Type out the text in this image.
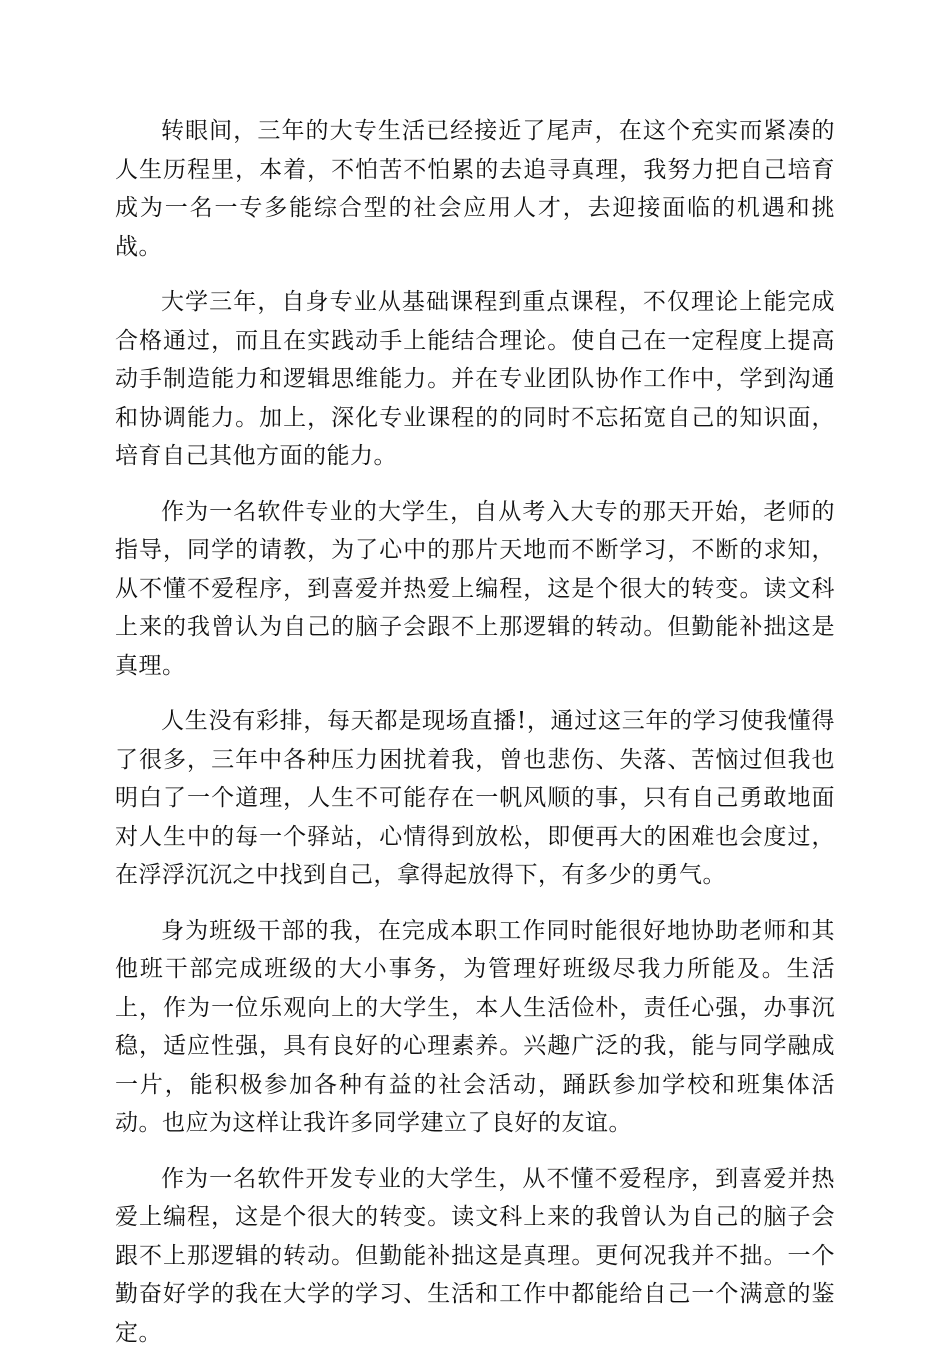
转眼间，三年的大专生活已经接近了尾声，在这个充实而紧凑的人生历程里，本着，不怕苦不怕累的去追寻真理，我努力把自己培育成为一名一专多能综合型的社会应用人才，去迎接面临的机遇和挑战。

大学三年，自身专业从基础课程到重点课程，不仅理论上能完成合格通过，而且在实践动手上能结合理论。使自己在一定程度上提高动手制造能力和逻辑思维能力。并在专业团队协作工作中，学到沟通和协调能力。加上，深化专业课程的的同时不忘拓宽自己的知识面，培育自己其他方面的能力。

作为一名软件专业的大学生，自从考入大专的那天开始，老师的指导，同学的请教，为了心中的那片天地而不断学习，不断的求知，从不懂不爱程序，到喜爱并热爱上编程，这是个很大的转变。读文科上来的我曾认为自己的脑子会跟不上那逻辑的转动。但勤能补拙这是真理。

人生没有彩排，每天都是现场直播!，通过这三年的学习使我懂得了很多，三年中各种压力困扰着我，曾也悲伤、失落、苦恼过但我也明白了一个道理，人生不可能存在一帆风顺的事，只有自己勇敢地面对人生中的每一个驿站，心情得到放松，即便再大的困难也会度过，在浮浮沉沉之中找到自己，拿得起放得下，有多少的勇气。

身为班级干部的我，在完成本职工作同时能很好地协助老师和其他班干部完成班级的大小事务，为管理好班级尽我力所能及。生活上，作为一位乐观向上的大学生，本人生活俭朴，责任心强，办事沉稳，适应性强，具有良好的心理素养。兴趣广泛的我，能与同学融成一片，能积极参加各种有益的社会活动，踊跃参加学校和班集体活动。也应为这样让我许多同学建立了良好的友谊。

作为一名软件开发专业的大学生，从不懂不爱程序，到喜爱并热爱上编程，这是个很大的转变。读文科上来的我曾认为自己的脑子会跟不上那逻辑的转动。但勤能补拙这是真理。更何况我并不拙。一个勤奋好学的我在大学的学习、生活和工作中都能给自己一个满意的鉴定。
